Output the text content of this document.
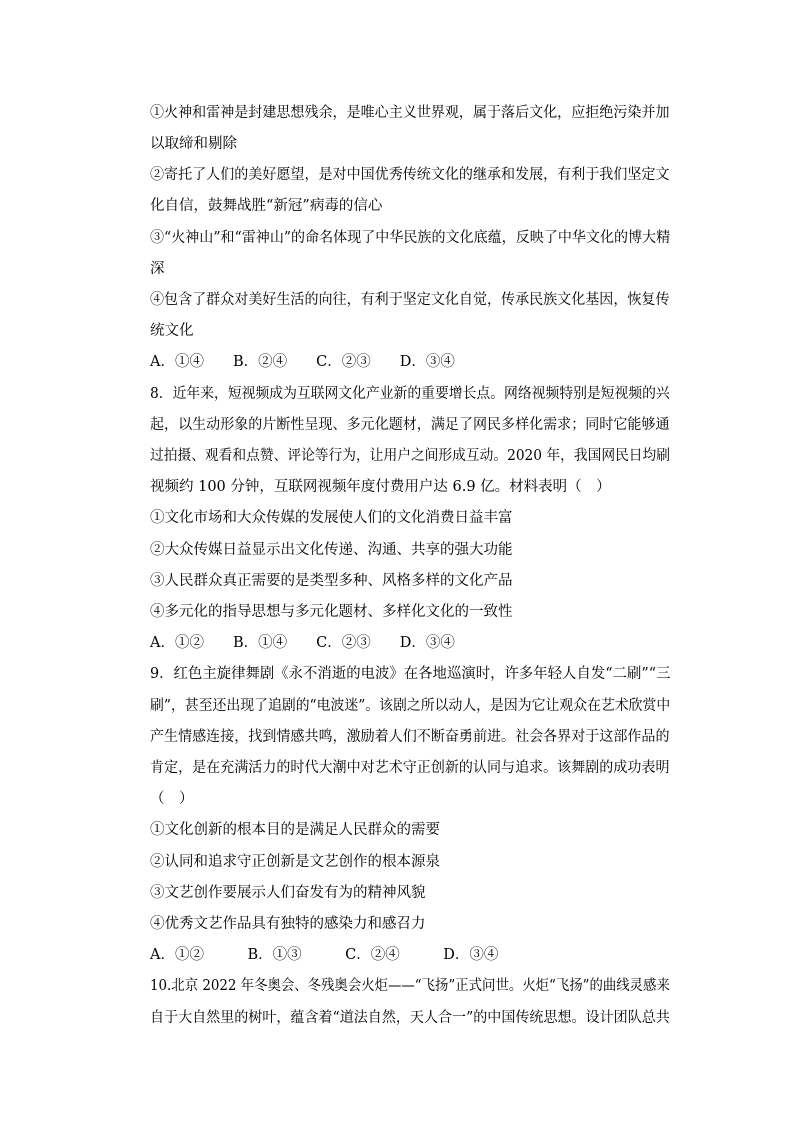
①火神和雷神是封建思想残余，是唯心主义世界观，属于落后文化，应拒绝污染并加
以取缔和剔除
②寄托了人们的美好愿望，是对中国优秀传统文化的继承和发展，有利于我们坚定文
化自信，鼓舞战胜“新冠”病毒的信心
③“火神山”和“雷神山”的命名体现了中华民族的文化底蕴，反映了中华文化的博大精
深
④包含了群众对美好生活的向往，有利于坚定文化自觉，传承民族文化基因，恢复传
统文化
A．①④　　B．②④　　C．②③　　D．③④
8．近年来，短视频成为互联网文化产业新的重要增长点。网络视频特别是短视频的兴
起，以生动形象的片断性呈现、多元化题材，满足了网民多样化需求；同时它能够通
过拍摄、观看和点赞、评论等行为，让用户之间形成互动。2020 年，我国网民日均刷
视频约 100 分钟，互联网视频年度付费用户达 6.9 亿。材料表明（　）
①文化市场和大众传媒的发展使人们的文化消费日益丰富
②大众传媒日益显示出文化传递、沟通、共享的强大功能
③人民群众真正需要的是类型多种、风格多样的文化产品
④多元化的指导思想与多元化题材、多样化文化的一致性
A．①②　　B．①④　　C．②③　　D．③④
9．红色主旋律舞剧《永不消逝的电波》在各地巡演时，许多年轻人自发“二刷”“三
刷”，甚至还出现了追剧的“电波迷”。该剧之所以动人，是因为它让观众在艺术欣赏中
产生情感连接，找到情感共鸣，激励着人们不断奋勇前进。社会各界对于这部作品的
肯定，是在充满活力的时代大潮中对艺术守正创新的认同与追求。该舞剧的成功表明
（　）
①文化创新的根本目的是满足人民群众的需要
②认同和追求守正创新是文艺创作的根本源泉
③文艺创作要展示人们奋发有为的精神风貌
④优秀文艺作品具有独特的感染力和感召力
A．①②　　　B．①③　　　C．②④　　　D．③④
10.北京 2022 年冬奥会、冬残奥会火炬——“飞扬”正式问世。火炬“飞扬”的曲线灵感来
自于大自然里的树叶，蕴含着“道法自然，天人合一”的中国传统思想。设计团队总共
